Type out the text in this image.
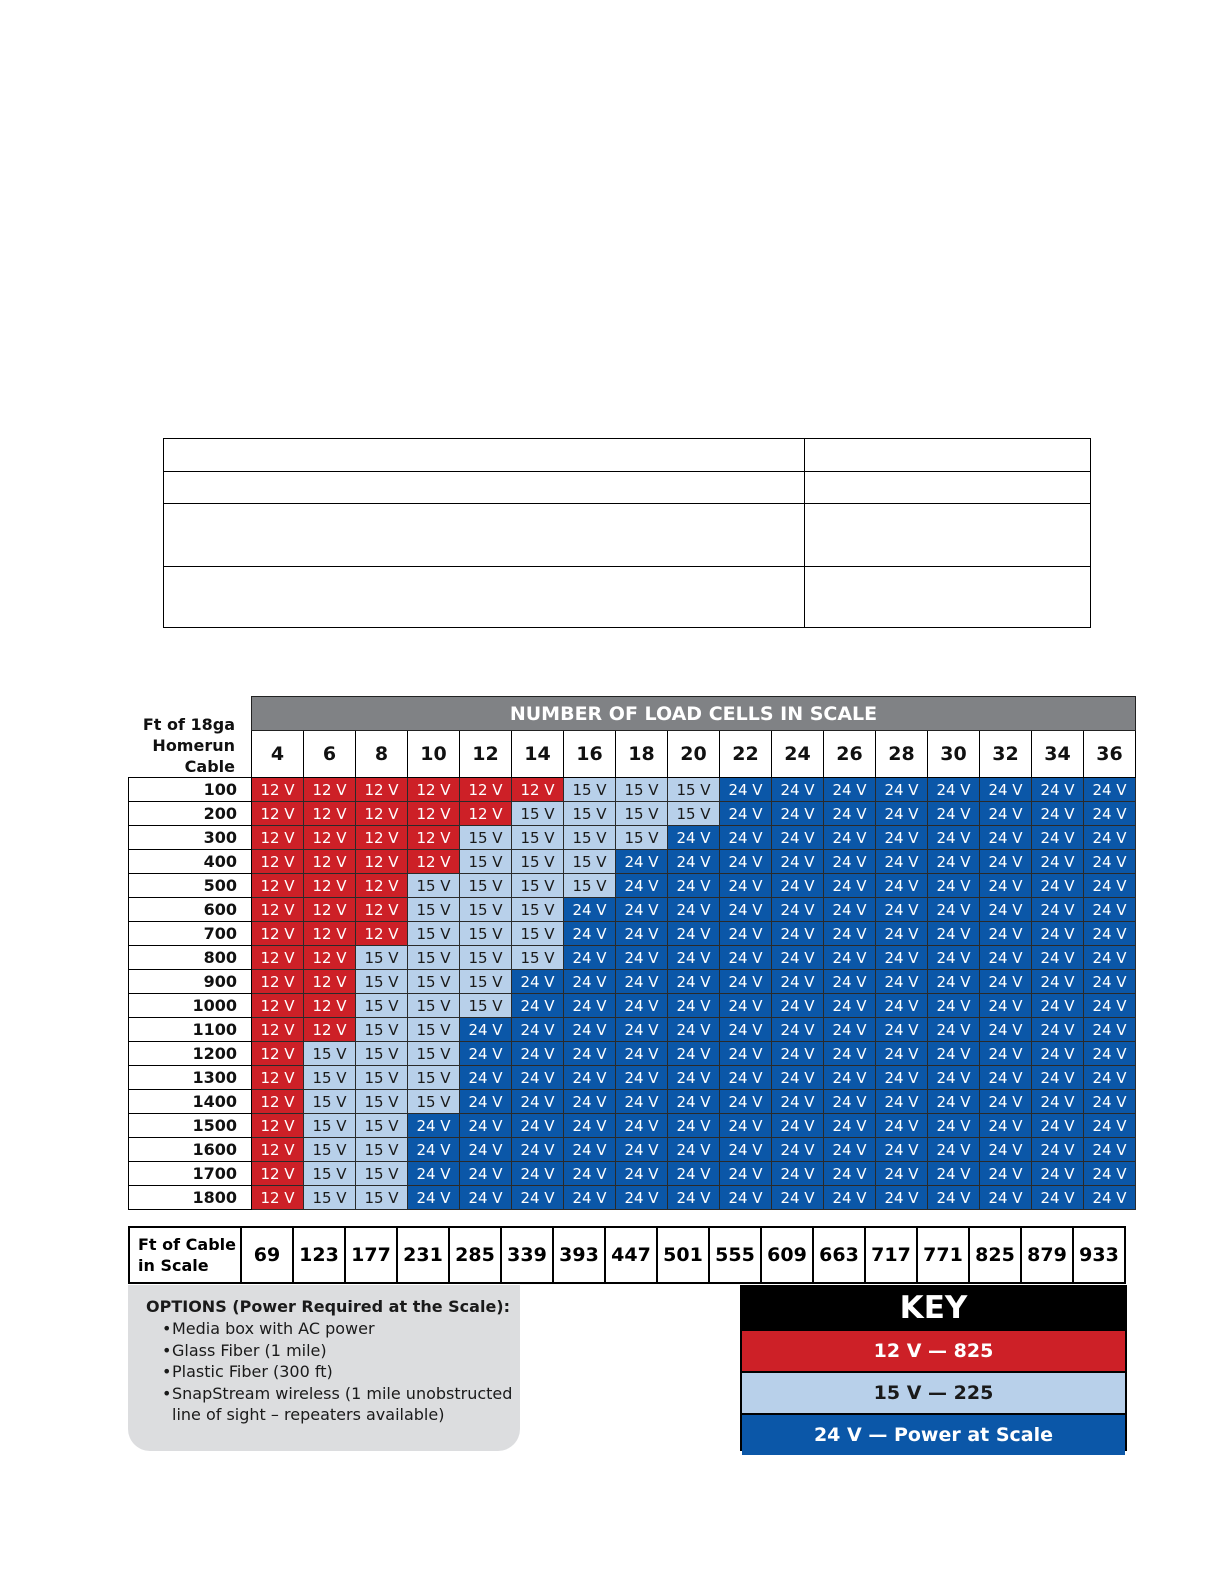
Ft of 18ga
Homerun
Cable	NUMBER OF LOAD CELLS IN SCALE																
	4	6	8	10	12	14	16	18	20	22	24	26	28	30	32	34	36
100	12 V	12 V	12 V	12 V	12 V	12 V	15 V	15 V	15 V	24 V	24 V	24 V	24 V	24 V	24 V	24 V	24 V
200	12 V	12 V	12 V	12 V	12 V	15 V	15 V	15 V	15 V	24 V	24 V	24 V	24 V	24 V	24 V	24 V	24 V
300	12 V	12 V	12 V	12 V	15 V	15 V	15 V	15 V	24 V	24 V	24 V	24 V	24 V	24 V	24 V	24 V	24 V
400	12 V	12 V	12 V	12 V	15 V	15 V	15 V	24 V	24 V	24 V	24 V	24 V	24 V	24 V	24 V	24 V	24 V
500	12 V	12 V	12 V	15 V	15 V	15 V	15 V	24 V	24 V	24 V	24 V	24 V	24 V	24 V	24 V	24 V	24 V
600	12 V	12 V	12 V	15 V	15 V	15 V	24 V	24 V	24 V	24 V	24 V	24 V	24 V	24 V	24 V	24 V	24 V
700	12 V	12 V	12 V	15 V	15 V	15 V	24 V	24 V	24 V	24 V	24 V	24 V	24 V	24 V	24 V	24 V	24 V
800	12 V	12 V	15 V	15 V	15 V	15 V	24 V	24 V	24 V	24 V	24 V	24 V	24 V	24 V	24 V	24 V	24 V
900	12 V	12 V	15 V	15 V	15 V	24 V	24 V	24 V	24 V	24 V	24 V	24 V	24 V	24 V	24 V	24 V	24 V
1000	12 V	12 V	15 V	15 V	15 V	24 V	24 V	24 V	24 V	24 V	24 V	24 V	24 V	24 V	24 V	24 V	24 V
1100	12 V	12 V	15 V	15 V	24 V	24 V	24 V	24 V	24 V	24 V	24 V	24 V	24 V	24 V	24 V	24 V	24 V
1200	12 V	15 V	15 V	15 V	24 V	24 V	24 V	24 V	24 V	24 V	24 V	24 V	24 V	24 V	24 V	24 V	24 V
1300	12 V	15 V	15 V	15 V	24 V	24 V	24 V	24 V	24 V	24 V	24 V	24 V	24 V	24 V	24 V	24 V	24 V
1400	12 V	15 V	15 V	15 V	24 V	24 V	24 V	24 V	24 V	24 V	24 V	24 V	24 V	24 V	24 V	24 V	24 V
1500	12 V	15 V	15 V	24 V	24 V	24 V	24 V	24 V	24 V	24 V	24 V	24 V	24 V	24 V	24 V	24 V	24 V
1600	12 V	15 V	15 V	24 V	24 V	24 V	24 V	24 V	24 V	24 V	24 V	24 V	24 V	24 V	24 V	24 V	24 V
1700	12 V	15 V	15 V	24 V	24 V	24 V	24 V	24 V	24 V	24 V	24 V	24 V	24 V	24 V	24 V	24 V	24 V
1800	12 V	15 V	15 V	24 V	24 V	24 V	24 V	24 V	24 V	24 V	24 V	24 V	24 V	24 V	24 V	24 V	24 V
Ft of Cable
in Scale	69	123	177	231	285	339	393	447	501	555	609	663	717	771	825	879	933
OPTIONS (Power Required at the Scale):
• Media box with AC power
• Glass Fiber (1 mile)
• Plastic Fiber (300 ft)
• SnapStream wireless (1 mile unobstructed line of sight – repeaters available)
KEY
12 V — 825
15 V — 225
24 V — Power at Scale
